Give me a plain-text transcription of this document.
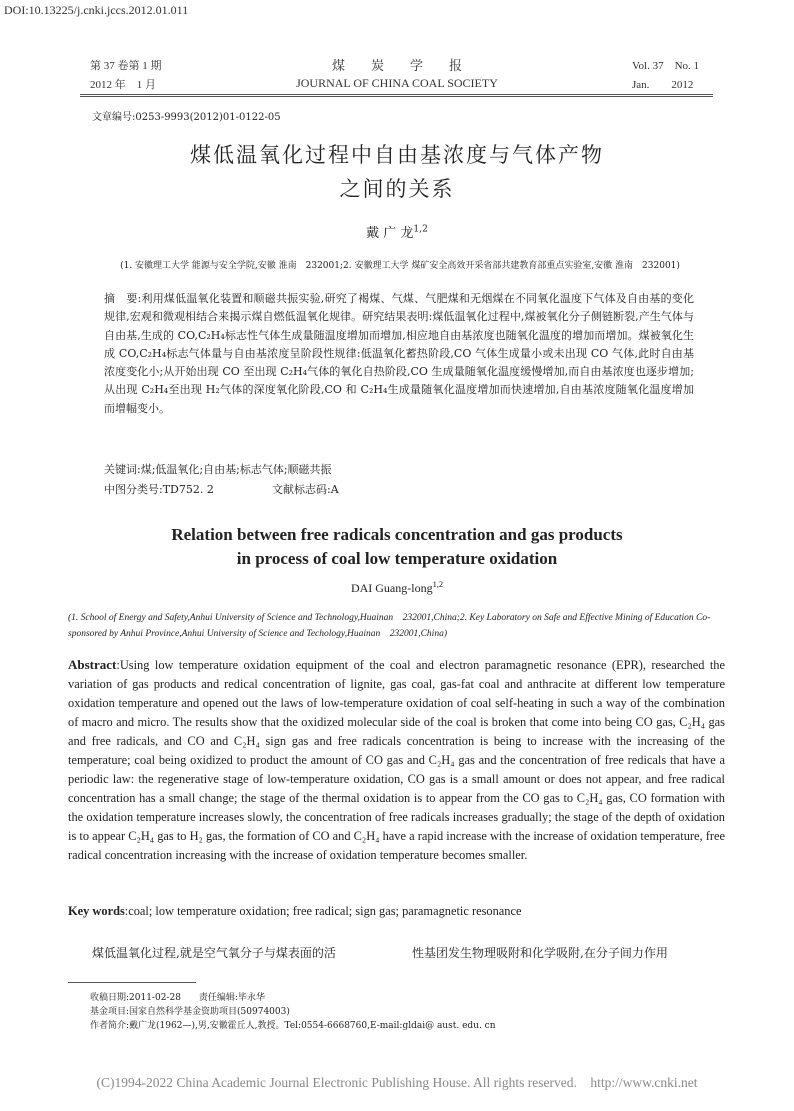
DOI:10.13225/j.cnki.jccs.2012.01.011
第 37 卷第 1 期
2012 年　1 月
煤　　炭　　学　　报
JOURNAL OF CHINA COAL SOCIETY
Vol. 37　No. 1
Jan.　　2012
文章编号:0253-9993(2012)01-0122-05
煤低温氧化过程中自由基浓度与气体产物
之间的关系
戴 广 龙$^{1,2}$
(1. 安徽理工大学 能源与安全学院,安徽 淮南　232001;2. 安徽理工大学 煤矿安全高效开采省部共建教育部重点实验室,安徽 淮南　232001)
摘　要:利用煤低温氧化装置和顺磁共振实验,研究了褐煤、气煤、气肥煤和无烟煤在不同氧化温度下气体及自由基的变化规律,宏观和微观相结合来揭示煤自燃低温氧化规律。研究结果表明:煤低温氧化过程中,煤被氧化分子侧链断裂,产生气体与自由基,生成的 CO,C₂H₄标志性气体生成量随温度增加而增加,相应地自由基浓度也随氧化温度的增加而增加。煤被氧化生成 CO,C₂H₄标志气体量与自由基浓度呈阶段性规律:低温氧化蓄热阶段,CO 气体生成量小或未出现 CO 气体,此时自由基浓度变化小;从开始出现 CO 至出现 C₂H₄气体的氧化自热阶段,CO 生成量随氧化温度缓慢增加,而自由基浓度也逐步增加;从出现 C₂H₄至出现 H₂气体的深度氧化阶段,CO 和 C₂H₄生成量随氧化温度增加而快速增加,自由基浓度随氧化温度增加而增幅变小。
关键词:煤;低温氧化;自由基;标志气体;顺磁共振
中图分类号:TD752. 2	文献标志码:A
Relation between free radicals concentration and gas products
in process of coal low temperature oxidation
DAI Guang-long$^{1,2}$
(1. School of Energy and Safety,Anhui University of Science and Technology,Huainan　232001,China;2. Key Laboratory on Safe and Effective Mining of Education Co-sponsored by Anhui Province,Anhui University of Science and Techology,Huainan　232001,China)
Abstract:Using low temperature oxidation equipment of the coal and electron paramagnetic resonance (EPR), researched the variation of gas products and redical concentration of lignite, gas coal, gas-fat coal and anthracite at different low temperature oxidation temperature and opened out the laws of low-temperature oxidation of coal self-heating in such a way of the combination of macro and micro. The results show that the oxidized molecular side of the coal is broken that come into being CO gas, C₂H₄ gas and free radicals, and CO and C₂H₄ sign gas and free radicals concentration is being to increase with the increasing of the temperature; coal being oxidized to product the amount of CO gas and C₂H₄ gas and the concentration of free redicals that have a periodic law: the regenerative stage of low-temperature oxidation, CO gas is a small amount or does not appear, and free radical concentration has a small change; the stage of the thermal oxidation is to appear from the CO gas to C₂H₄ gas, CO formation with the oxidation temperature increases slowly, the concentration of free radicals increases gradually; the stage of the depth of oxidation is to appear C₂H₄ gas to H₂ gas, the formation of CO and C₂H₄ have a rapid increase with the increase of oxidation temperature, free radical concentration increasing with the increase of oxidation temperature becomes smaller.
Key words:coal; low temperature oxidation; free radical; sign gas; paramagnetic resonance
煤低温氧化过程,就是空气氧分子与煤表面的活	性基团发生物理吸附和化学吸附,在分子间力作用
收稿日期:2011-02-28　　责任编辑:毕永华
基金项目:国家自然科学基金资助项目(50974003)
作者简介:戴广龙(1962—),男,安徽霍丘人,教授。Tel:0554-6668760,E-mail:gldai@ aust. edu. cn
(C)1994-2022 China Academic Journal Electronic Publishing House. All rights reserved.　http://www.cnki.net
